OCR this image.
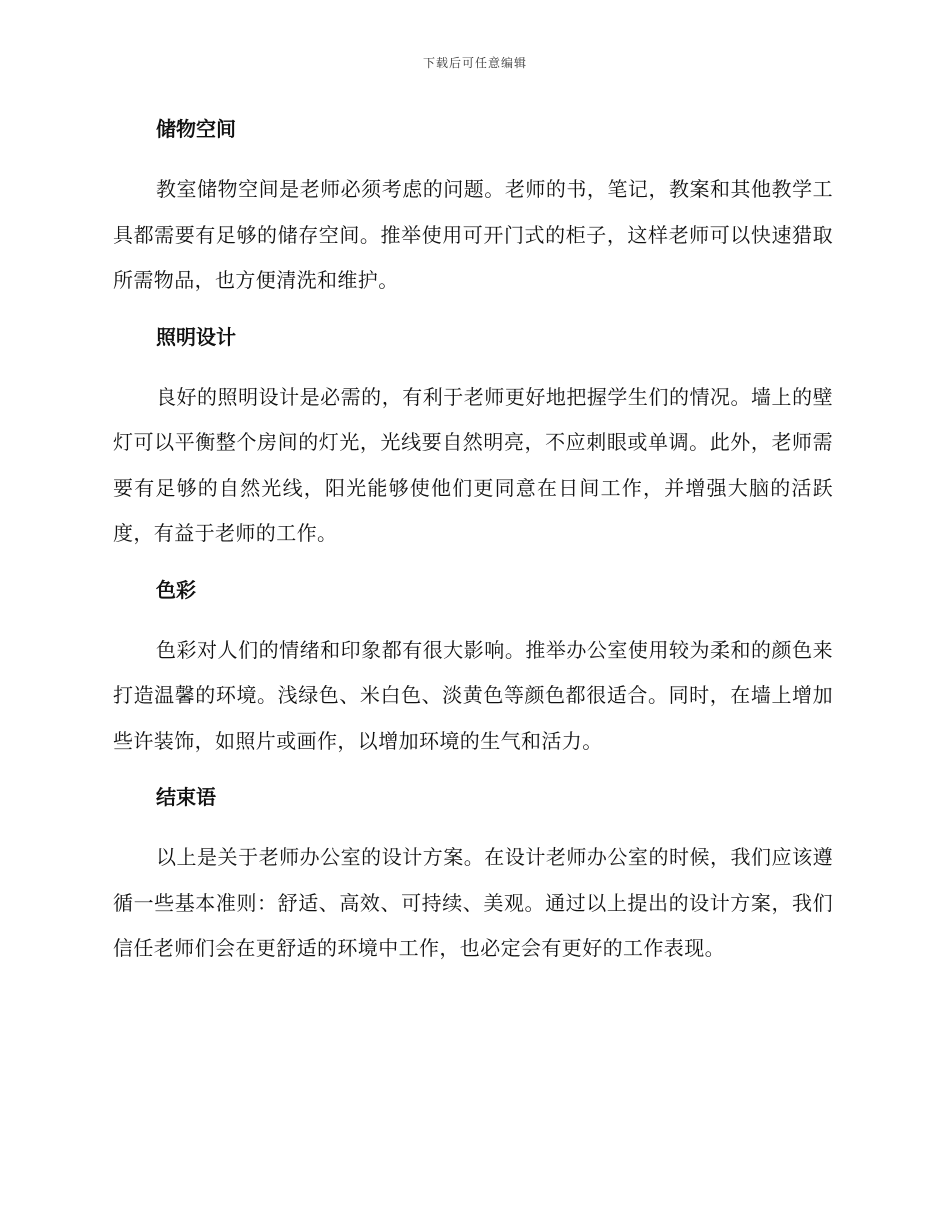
下载后可任意编辑
储物空间

教室储物空间是老师必须考虑的问题。老师的书，笔记，教案和其他教学工具都需要有足够的储存空间。推举使用可开门式的柜子，这样老师可以快速猎取所需物品，也方便清洗和维护。

照明设计

良好的照明设计是必需的，有利于老师更好地把握学生们的情况。墙上的壁灯可以平衡整个房间的灯光，光线要自然明亮，不应刺眼或单调。此外，老师需要有足够的自然光线，阳光能够使他们更同意在日间工作，并增强大脑的活跃度，有益于老师的工作。

色彩

色彩对人们的情绪和印象都有很大影响。推举办公室使用较为柔和的颜色来打造温馨的环境。浅绿色、米白色、淡黄色等颜色都很适合。同时，在墙上增加些许装饰，如照片或画作，以增加环境的生气和活力。

结束语

以上是关于老师办公室的设计方案。在设计老师办公室的时候，我们应该遵循一些基本准则：舒适、高效、可持续、美观。通过以上提出的设计方案，我们信任老师们会在更舒适的环境中工作，也必定会有更好的工作表现。
